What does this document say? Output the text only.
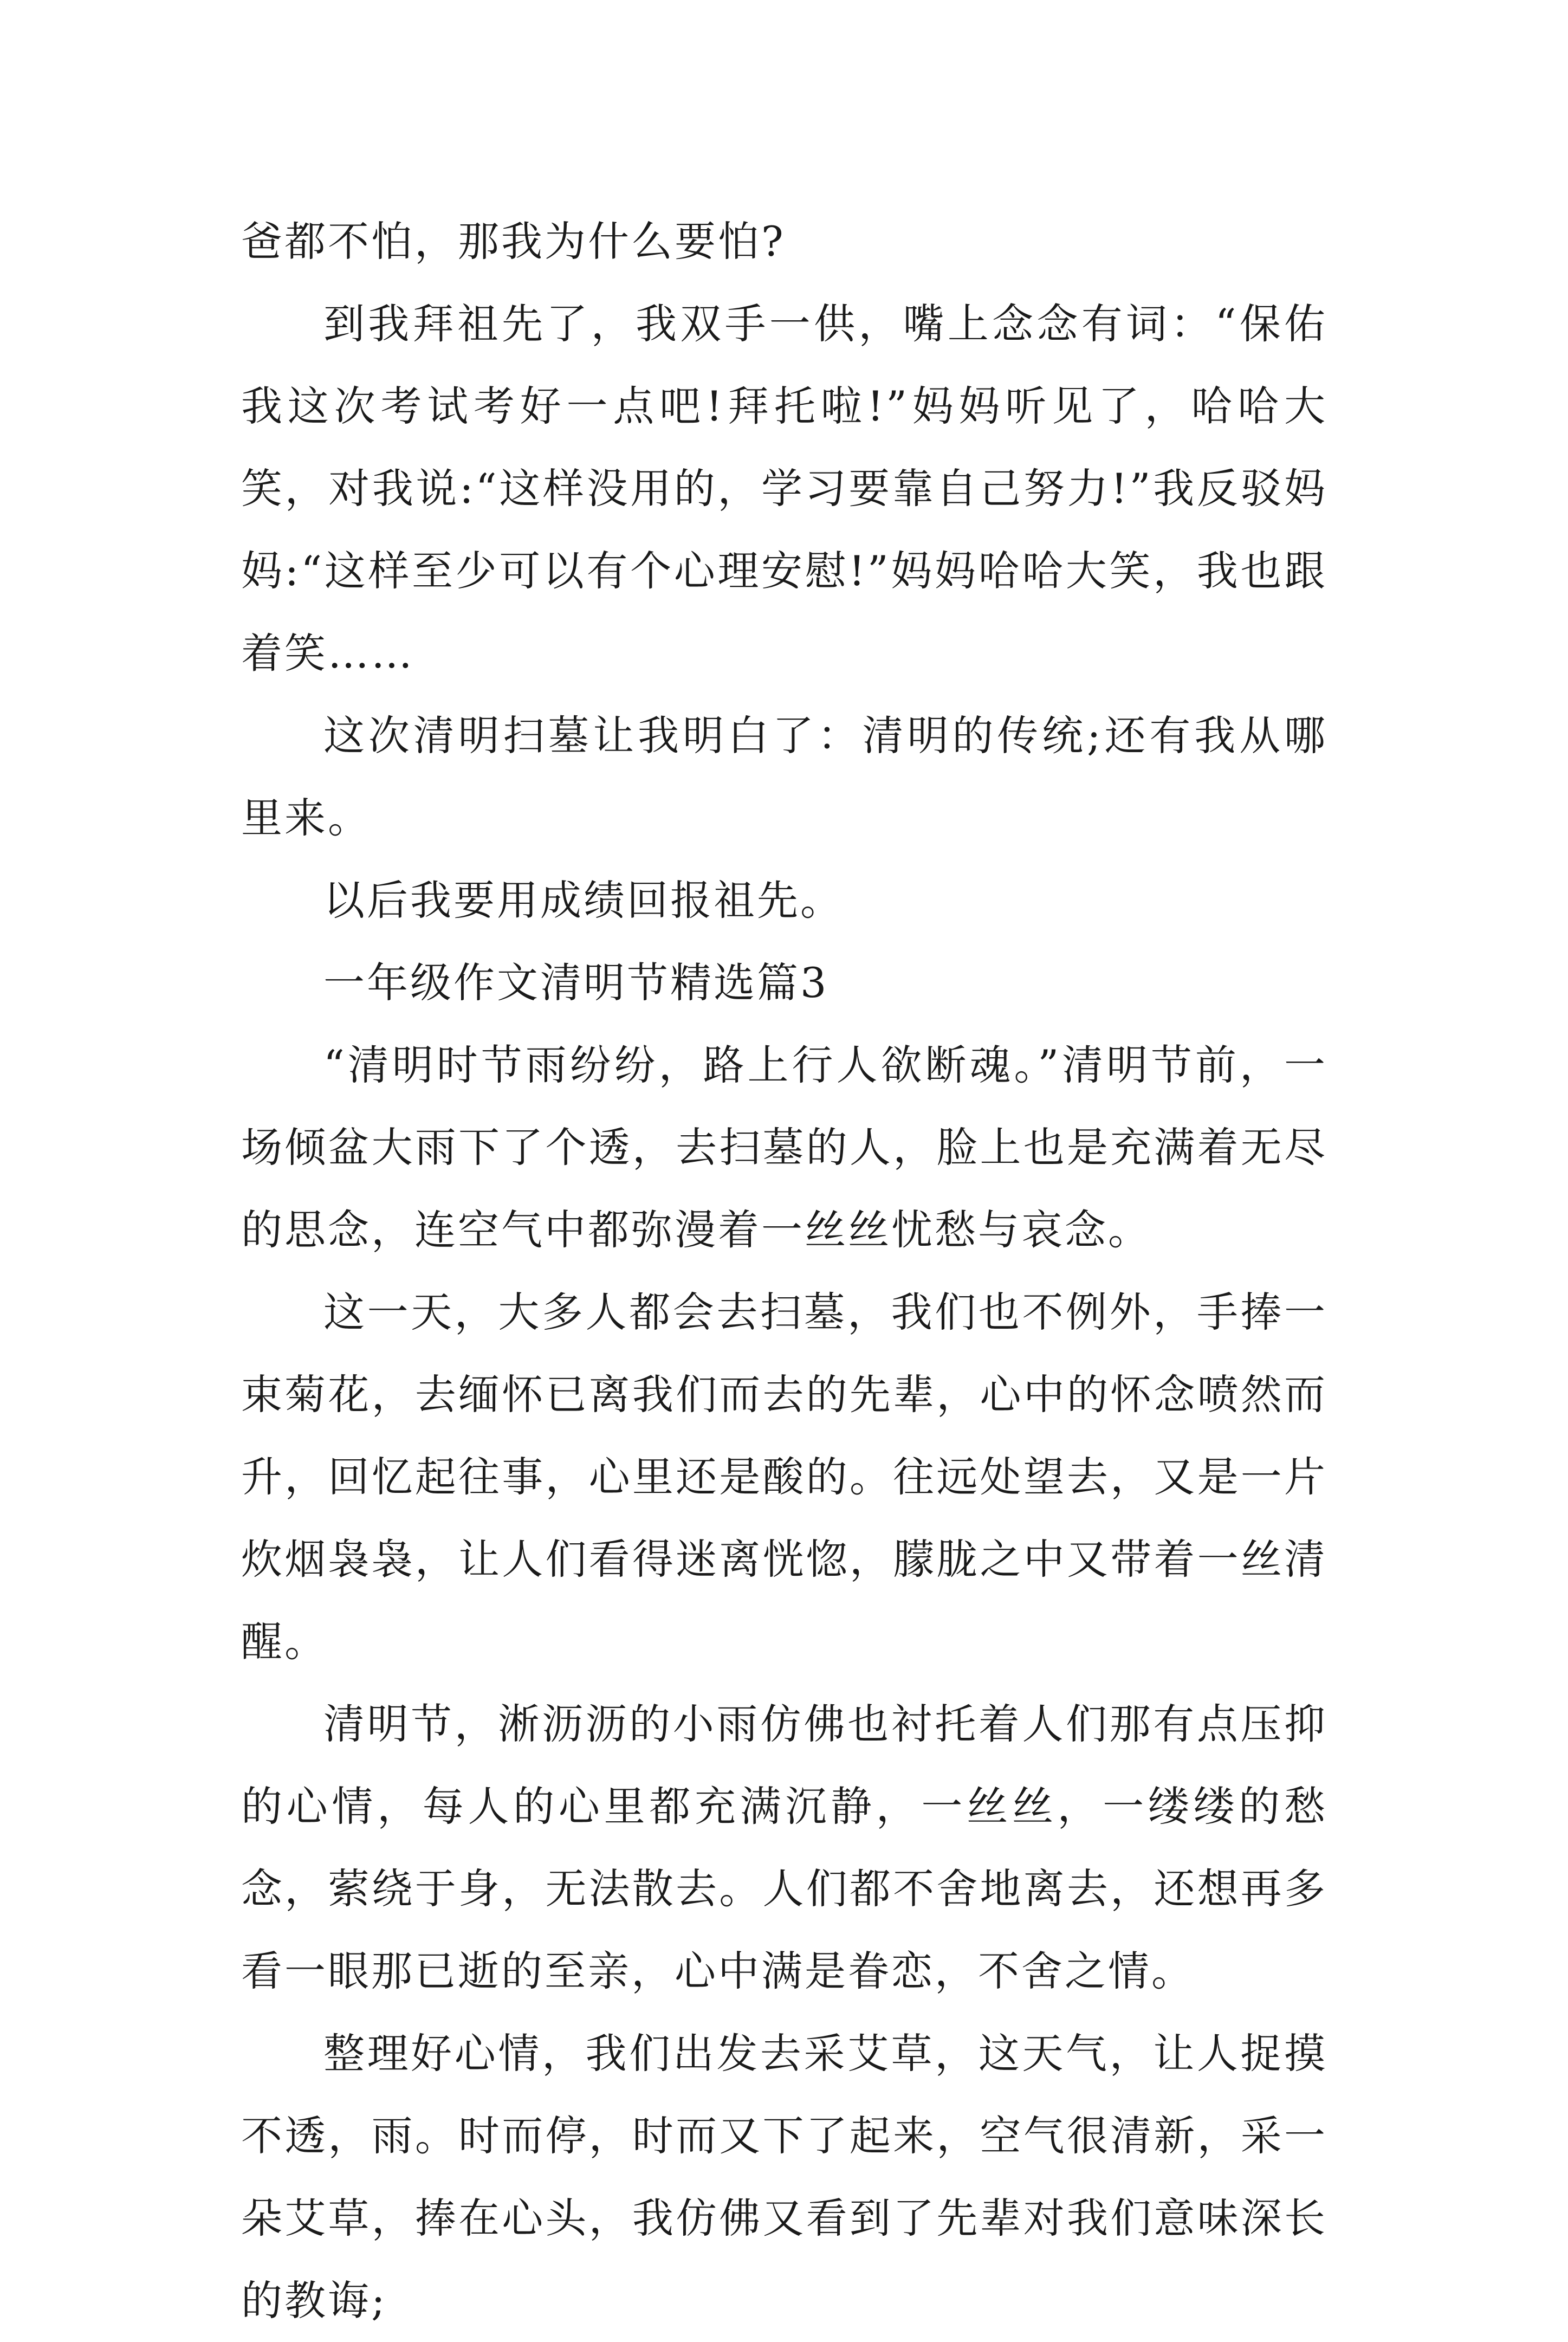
爸都不怕，那我为什么要怕?

到我拜祖先了，我双手一供，嘴上念念有词：“保佑我这次考试考好一点吧!拜托啦!”妈妈听见了，哈哈大笑，对我说:“这样没用的，学习要靠自己努力!”我反驳妈妈:“这样至少可以有个心理安慰!”妈妈哈哈大笑，我也跟着笑……

这次清明扫墓让我明白了：清明的传统;还有我从哪里来。

以后我要用成绩回报祖先。

一年级作文清明节精选篇3

“清明时节雨纷纷，路上行人欲断魂。”清明节前，一场倾盆大雨下了个透，去扫墓的人，脸上也是充满着无尽的思念，连空气中都弥漫着一丝丝忧愁与哀念。

这一天，大多人都会去扫墓，我们也不例外，手捧一束菊花，去缅怀已离我们而去的先辈，心中的怀念喷然而升，回忆起往事，心里还是酸的。往远处望去，又是一片炊烟袅袅，让人们看得迷离恍惚，朦胧之中又带着一丝清醒。

清明节，淅沥沥的小雨仿佛也衬托着人们那有点压抑的心情，每人的心里都充满沉静，一丝丝，一缕缕的愁念，萦绕于身，无法散去。人们都不舍地离去，还想再多看一眼那已逝的至亲，心中满是眷恋，不舍之情。

整理好心情，我们出发去采艾草，这天气，让人捉摸不透，雨。时而停，时而又下了起来，空气很清新，采一朵艾草，捧在心头，我仿佛又看到了先辈对我们意味深长的教诲;
